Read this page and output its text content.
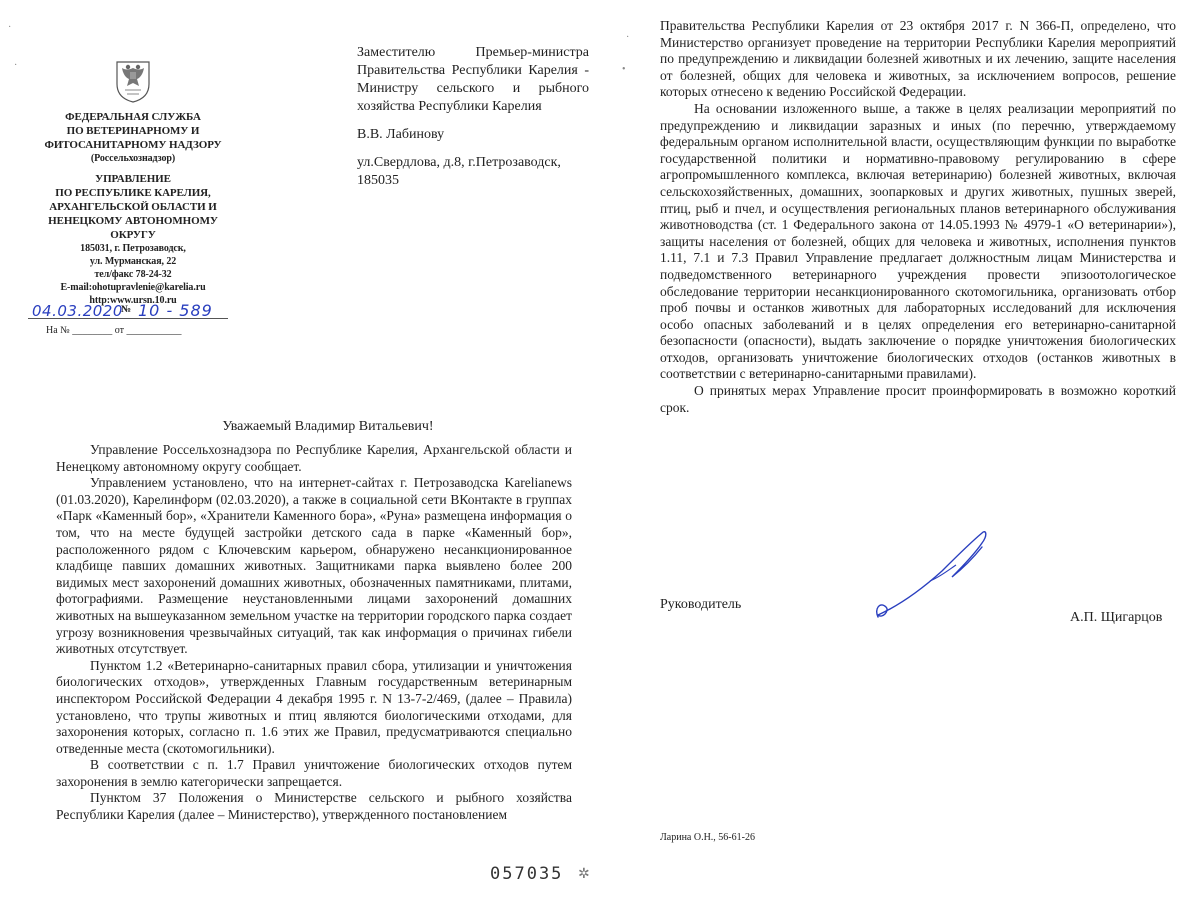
·
·
ФЕДЕРАЛЬНАЯ СЛУЖБА
ПО ВЕТЕРИНАРНОМУ И
ФИТОСАНИТАРНОМУ НАДЗОРУ
(Россельхознадзор)
УПРАВЛЕНИЕ
ПО РЕСПУБЛИКЕ КАРЕЛИЯ,
АРХАНГЕЛЬСКОЙ ОБЛАСТИ И
НЕНЕЦКОМУ АВТОНОМНОМУ
ОКРУГУ
185031, г. Петрозаводск,
ул. Мурманская, 22
тел/факс 78-24-32
E-mail:ohotupravlenie@karelia.ru
http:www.ursn.10.ru
04.03.2020
№ 10 - 589
На № ________ от ___________
Заместителю Премьер-министра Правительства Республики Карелия - Министру сельского и рыбного хозяйства Республики Карелия
В.В. Лабинову
ул.Свердлова, д.8, г.Петрозаводск, 185035
Уважаемый Владимир Витальевич!

Управление Россельхознадзора по Республике Карелия, Архангельской области и Ненецкому автономному округу сообщает.

Управлением установлено, что на интернет-сайтах г. Петрозаводска Karelianews (01.03.2020), Карелинформ (02.03.2020), а также в социальной сети ВКонтакте в группах «Парк «Каменный бор», «Хранители Каменного бора», «Руна» размещена информация о том, что на месте будущей застройки детского сада в парке «Каменный бор», расположенного рядом с Ключевским карьером, обнаружено несанкционированное кладбище павших домашних животных. Защитниками парка выявлено более 200 видимых мест захоронений домашних животных, обозначенных памятниками, плитами, фотографиями. Размещение неустановленными лицами захоронений домашних животных на вышеуказанном земельном участке на территории городского парка создает угрозу возникновения чрезвычайных ситуаций, так как информация о причинах гибели животных отсутствует.

Пунктом 1.2 «Ветеринарно-санитарных правил сбора, утилизации и уничтожения биологических отходов», утвержденных Главным государственным ветеринарным инспектором Российской Федерации 4 декабря 1995 г. N 13-7-2/469, (далее – Правила) установлено, что трупы животных и птиц являются биологическими отходами, для захоронения которых, согласно п. 1.6 этих же Правил, предусматриваются специально отведенные места (скотомогильники).

В соответствии с п. 1.7 Правил уничтожение биологических отходов путем захоронения в землю категорически запрещается.

Пунктом 37 Положения о Министерстве сельского и рыбного хозяйства Республики Карелия (далее – Министерство), утвержденного постановлением

057035 ✲
·
•

Правительства Республики Карелия от 23 октября 2017 г. N 366-П, определено, что Министерство организует проведение на территории Республики Карелия мероприятий по предупреждению и ликвидации болезней животных и их лечению, защите населения от болезней, общих для человека и животных, за исключением вопросов, решение которых отнесено к ведению Российской Федерации.

На основании изложенного выше, а также в целях реализации мероприятий по предупреждению и ликвидации заразных и иных (по перечню, утверждаемому федеральным органом исполнительной власти, осуществляющим функции по выработке государственной политики и нормативно-правовому регулированию в сфере агропромышленного комплекса, включая ветеринарию) болезней животных, включая сельскохозяйственных, домашних, зоопарковых и других животных, пушных зверей, птиц, рыб и пчел, и осуществления региональных планов ветеринарного обслуживания животноводства (ст. 1 Федерального закона от 14.05.1993 № 4979-1 «О ветеринарии»), защиты населения от болезней, общих для человека и животных, исполнения пунктов 1.11, 7.1 и 7.3 Правил Управление предлагает должностным лицам Министерства и подведомственного ветеринарного учреждения провести эпизоотологическое обследование территории несанкционированного скотомогильника, организовать отбор проб почвы и останков животных для лабораторных исследований для исключения особо опасных заболеваний и в целях определения его ветеринарно-санитарной безопасности (опасности), выдать заключение о порядке уничтожения биологических отходов, организовать уничтожение биологических отходов (останков животных в соответствии с ветеринарно-санитарными правилами).

О принятых мерах Управление просит проинформировать в возможно короткий срок.

Руководитель
А.П. Щигарцов
Ларина О.Н., 56-61-26
